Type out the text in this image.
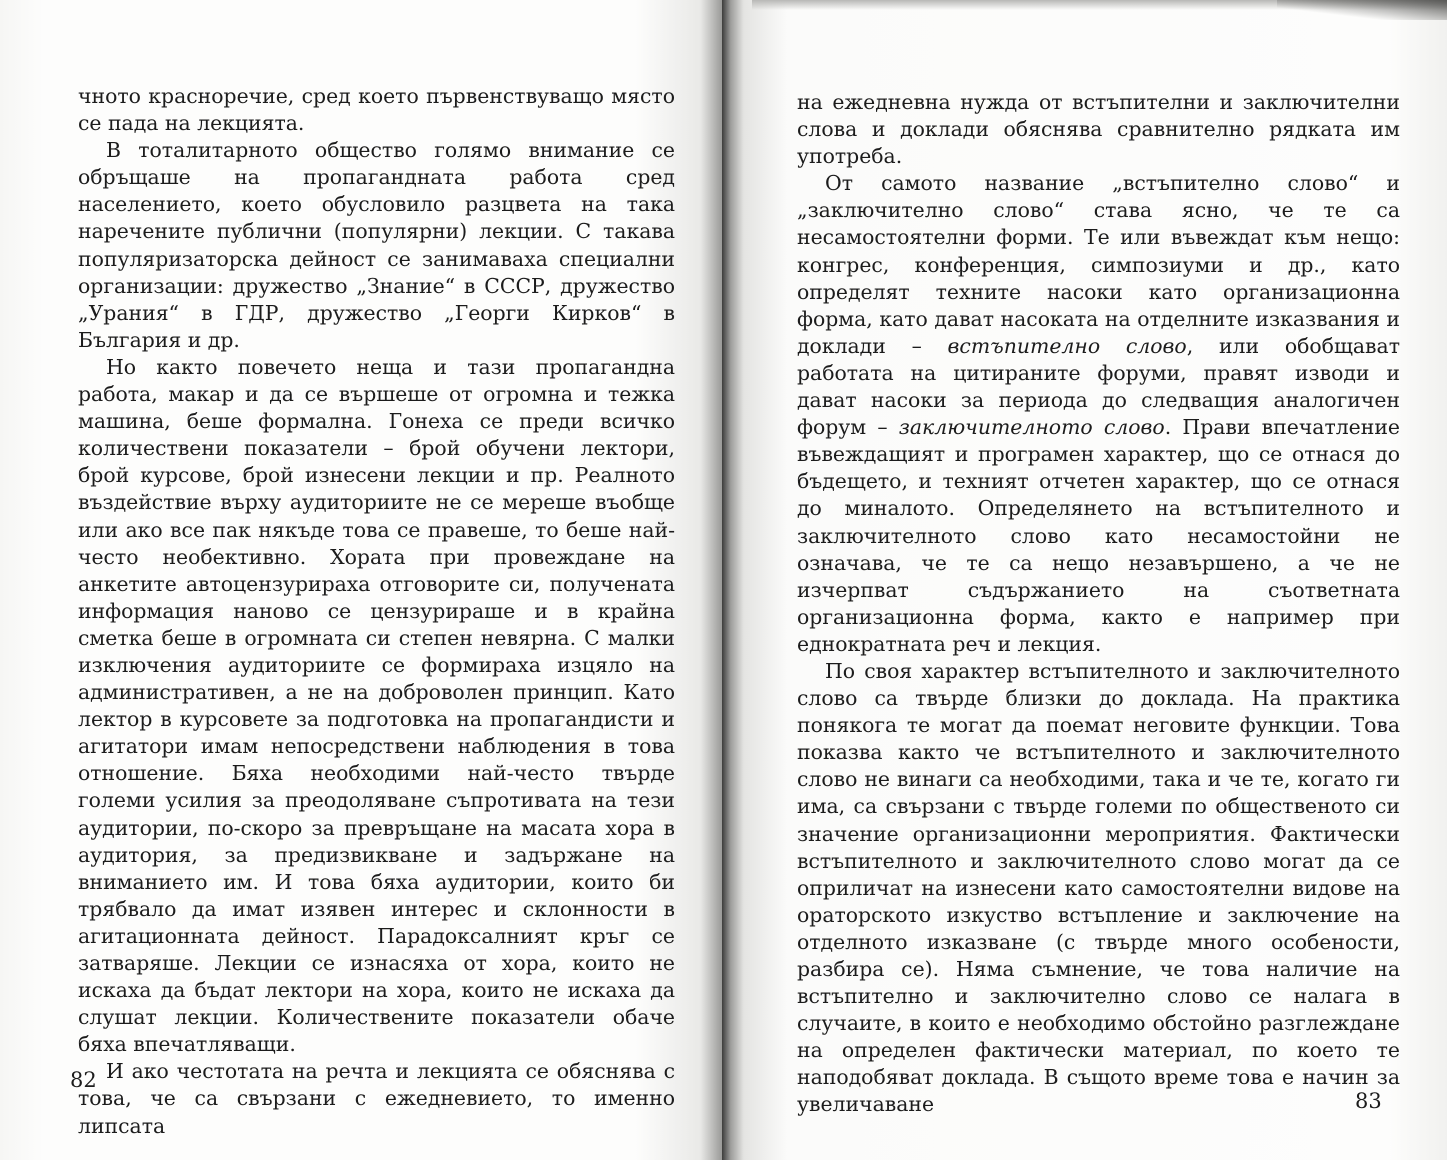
чното красноречие, сред което първенствуващо място се пада на лекцията.

В тоталитарното общество голямо внимание се обръщаше на пропагандната работа сред населението, което обусловило разцвета на така наречените публични (популярни) лекции. С такава популяризаторска дейност се занимаваха специални организации: дружество „Знание“ в СССР, дружество „Урания“ в ГДР, дружество „Георги Кирков“ в България и др.

Но както повечето неща и тази пропагандна работа, макар и да се вършеше от огромна и тежка машина, беше формална. Гонеха се преди всичко количествени показатели – брой обучени лектори, брой курсове, брой изнесени лекции и пр. Реалното въздействие върху аудиториите не се мереше въобще или ако все пак някъде това се правеше, то беше най-често необективно. Хората при провеждане на анкетите автоцензурираха отговорите си, получената информация наново се цензурираше и в крайна сметка беше в огромната си степен невярна. С малки изключения аудиториите се формираха изцяло на административен, а не на доброволен принцип. Като лектор в курсовете за подготовка на пропагандисти и агитатори имам непосредствени наблюдения в това отношение. Бяха необходими най-често твърде големи усилия за преодоляване съпротивата на тези аудитории, по-скоро за превръщане на масата хора в аудитория, за предизвикване и задържане на вниманието им. И това бяха аудитории, които би трябвало да имат изявен интерес и склонности в агитационната дейност. Парадоксалният кръг се затваряше. Лекции се изнасяха от хора, които не искаха да бъдат лектори на хора, които не искаха да слушат лекции. Количествените показатели обаче бяха впечатляващи.

И ако честотата на речта и лекцията се обяснява с това, че са свързани с ежедневието, то именно липсата

82

на ежедневна нужда от встъпителни и заключителни слова и доклади обяснява сравнително рядката им употреба.

От самото название „встъпително слово“ и „заключително слово“ става ясно, че те са несамостоятелни форми. Те или въвеждат към нещо: конгрес, конференция, симпозиуми и др., като определят техните насоки като организационна форма, като дават насоката на отделните изказвания и доклади – встъпително слово, или обобщават работата на цитираните форуми, правят изводи и дават насоки за периода до следващия аналогичен форум – заключителното слово. Прави впечатление въвеждащият и програмен характер, що се отнася до бъдещето, и техният отчетен характер, що се отнася до миналото. Определянето на встъпителното и заключителното слово като несамостойни не означава, че те са нещо незавършено, а че не изчерпват съдържанието на съответната организационна форма, както е например при еднократната реч и лекция.

По своя характер встъпителното и заключителното слово са твърде близки до доклада. На практика понякога те могат да поемат неговите функции. Това показва както че встъпителното и заключителното слово не винаги са необходими, така и че те, когато ги има, са свързани с твърде големи по общественото си значение организационни мероприятия. Фактически встъпителното и заключителното слово могат да се оприличат на изнесени като самостоятелни видове на ораторското изкуство встъпление и заключение на отделното изказване (с твърде много особености, разбира се). Няма съмнение, че това наличие на встъпително и заключително слово се налага в случаите, в които е необходимо обстойно разглеждане на определен фактически материал, по което те наподобяват доклада. В същото време това е начин за увеличаване	83
